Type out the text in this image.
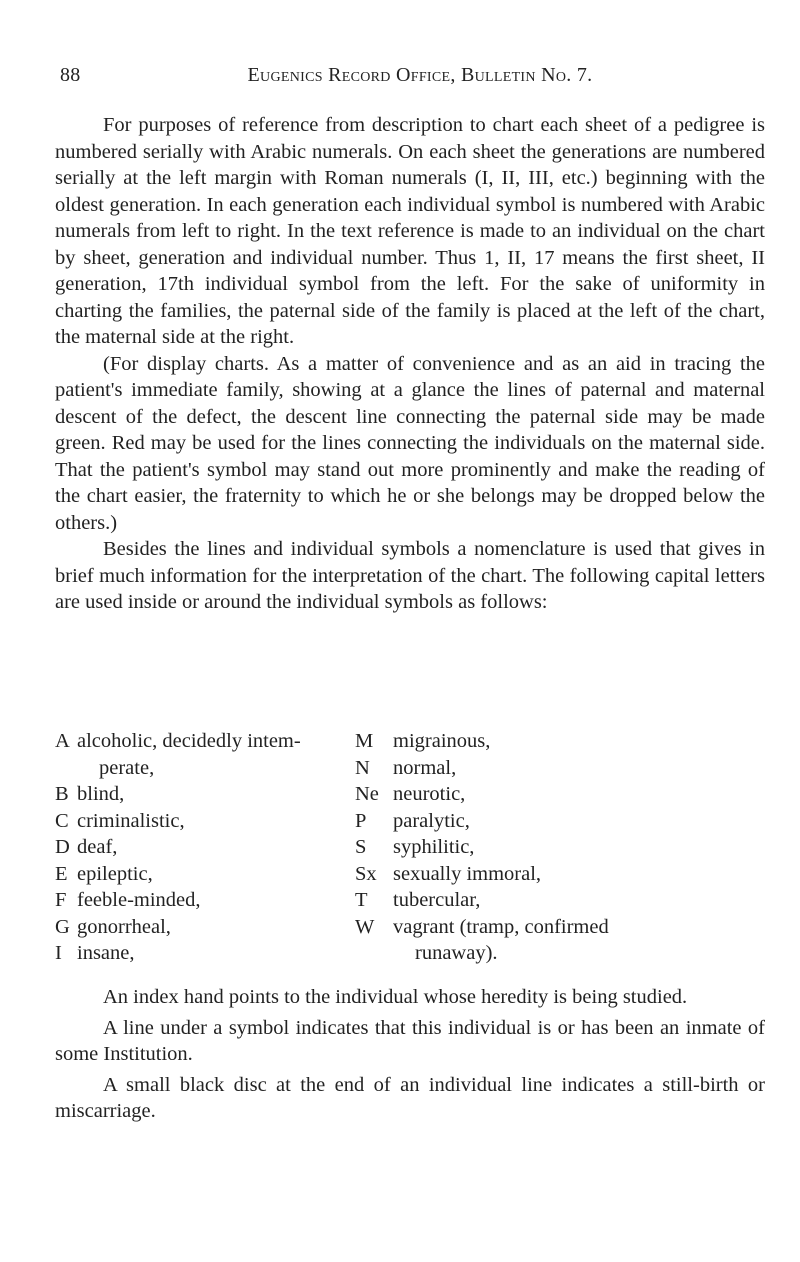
88	Eugenics Record Office, Bulletin No. 7.

For purposes of reference from description to chart each sheet of a pedigree is numbered serially with Arabic numerals. On each sheet the generations are numbered serially at the left margin with Roman numerals (I, II, III, etc.) beginning with the oldest generation. In each generation each individual symbol is numbered with Arabic numerals from left to right. In the text reference is made to an individual on the chart by sheet, generation and individual number. Thus 1, II, 17 means the first sheet, II generation, 17th individual symbol from the left. For the sake of uniformity in charting the families, the paternal side of the family is placed at the left of the chart, the maternal side at the right.

(For display charts. As a matter of convenience and as an aid in tracing the patient's immediate family, showing at a glance the lines of paternal and maternal descent of the defect, the descent line connecting the paternal side may be made green. Red may be used for the lines connecting the individuals on the maternal side. That the patient's symbol may stand out more prominently and make the reading of the chart easier, the fraternity to which he or she belongs may be dropped below the others.)

Besides the lines and individual symbols a nomenclature is used that gives in brief much information for the interpretation of the chart. The following capital letters are used inside or around the individual symbols as follows:

A alcoholic, decidedly intem-
perate,
B blind,
C criminalistic,
D deaf,
E epileptic,
F feeble-minded,
G gonorrheal,
I insane,
M migrainous,
N	normal,
Ne neurotic,
P	paralytic,
S	syphilitic,
Sx sexually immoral,
T	tubercular,
W vagrant (tramp, confirmed
runaway).

An index hand points to the individual whose heredity is being studied.

A line under a symbol indicates that this individual is or has been an inmate of some Institution.

A small black disc at the end of an individual line indicates a still-birth or miscarriage.
